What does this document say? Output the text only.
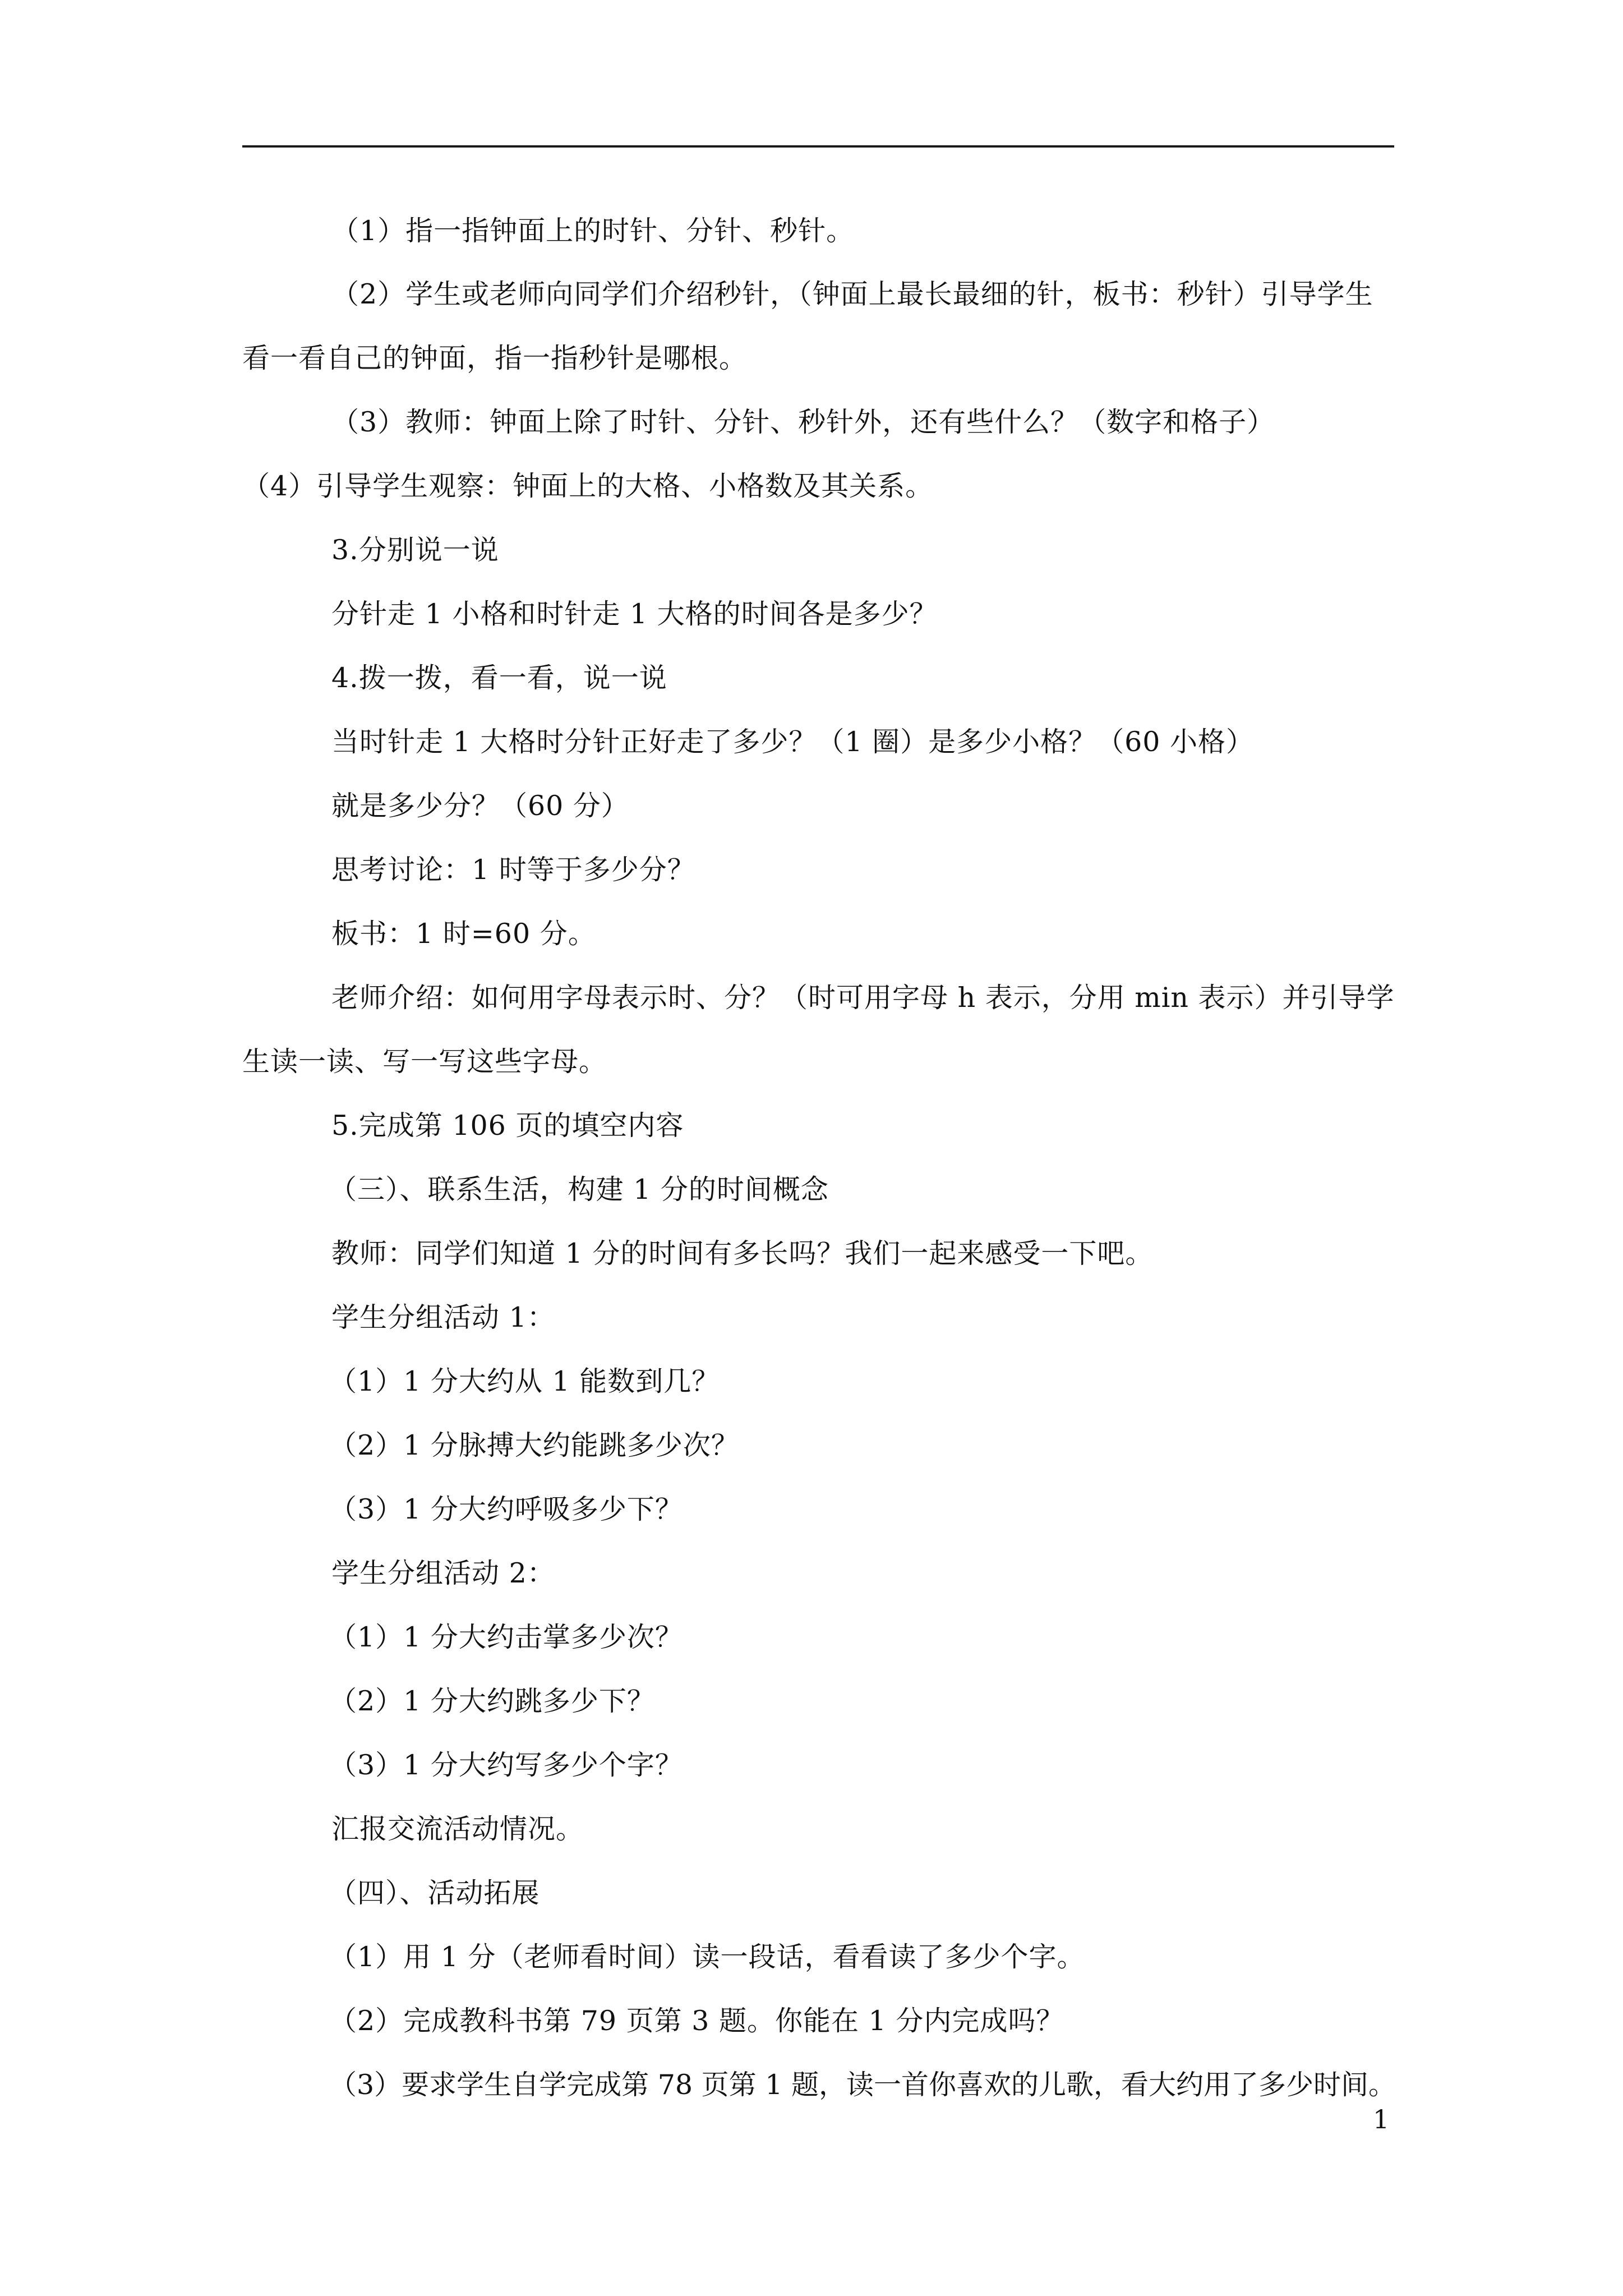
（1）指一指钟面上的时针、分针、秒针。
（2）学生或老师向同学们介绍秒针，（钟面上最长最细的针，板书：秒针）引导学生
看一看自己的钟面，指一指秒针是哪根。
（3）教师：钟面上除了时针、分针、秒针外，还有些什么？（数字和格子）
（4）引导学生观察：钟面上的大格、小格数及其关系。
3.分别说一说
分针走 1 小格和时针走 1 大格的时间各是多少？
4.拨一拨，看一看，说一说
当时针走 1 大格时分针正好走了多少？（1 圈）是多少小格？（60 小格）
就是多少分？（60 分）
思考讨论：1 时等于多少分？
板书：1 时=60 分。
老师介绍：如何用字母表示时、分？（时可用字母 h 表示，分用 min 表示）并引导学
生读一读、写一写这些字母。
5.完成第 106 页的填空内容
（三）、联系生活，构建 1 分的时间概念
教师：同学们知道 1 分的时间有多长吗？我们一起来感受一下吧。
学生分组活动 1：
（1）1 分大约从 1 能数到几？
（2）1 分脉搏大约能跳多少次？
（3）1 分大约呼吸多少下？
学生分组活动 2：
（1）1 分大约击掌多少次？
（2）1 分大约跳多少下？
（3）1 分大约写多少个字？
汇报交流活动情况。
（四）、活动拓展
（1）用 1 分（老师看时间）读一段话，看看读了多少个字。
（2）完成教科书第 79 页第 3 题。你能在 1 分内完成吗？
（3）要求学生自学完成第 78 页第 1 题，读一首你喜欢的儿歌，看大约用了多少时间。
1
